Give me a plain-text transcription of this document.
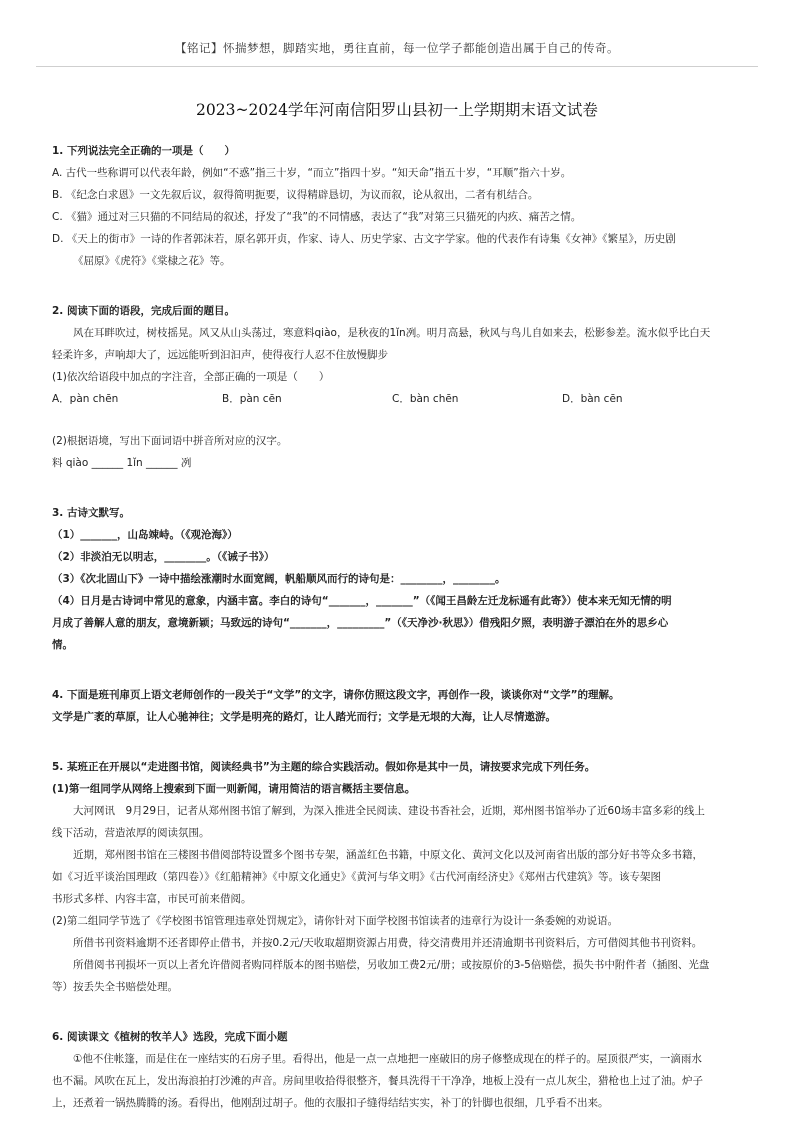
【铭记】怀揣梦想，脚踏实地，勇往直前，每一位学子都能创造出属于自己的传奇。
2023~2024学年河南信阳罗山县初一上学期期末语文试卷
1. 下列说法完全正确的一项是（　　）
A. 古代一些称谓可以代表年龄，例如“不惑”指三十岁，“而立”指四十岁。“知天命”指五十岁，“耳顺”指六十岁。
B. 《纪念白求恩》一文先叙后议，叙得简明扼要，议得精辟恳切，为议而叙，论从叙出，二者有机结合。
C. 《猫》通过对三只猫的不同结局的叙述，抒发了“我”的不同情感，表达了“我”对第三只猫死的内疚、痛苦之情。
D. 《天上的街市》一诗的作者郭沫若，原名郭开贞，作家、诗人、历史学家、古文字学家。他的代表作有诗集《女神》《繁星》，历史剧
《屈原》《虎符》《棠棣之花》等。
2. 阅读下面的语段，完成后面的题目。
风在耳畔吹过，树枝摇晃。风又从山头荡过，寒意料qiào，是秋夜的1ǐn冽。明月高悬，秋风与鸟儿自如来去，松影参差。流水似乎比白天
轻柔许多，声响却大了，远远能听到汩汩声，使得夜行人忍不住放慢脚步
(1)依次给语段中加点的字注音，全部正确的一项是（　　）
A．pàn chēn	B．pàn cēn	C．bàn chēn	D．bàn cēn
(2)根据语境，写出下面词语中拼音所对应的汉字。
料 qiào ______ 1ǐn ______ 冽
3. 古诗文默写。
（1）_______，山岛竦峙。（《观沧海》）
（2）非淡泊无以明志，________。（《诫子书》）
（3）《次北固山下》一诗中描绘涨潮时水面宽阔，帆船顺风而行的诗句是：________，________。
（4）日月是古诗词中常见的意象，内涵丰富。李白的诗句“_______，_______”（《闻王昌龄左迁龙标遥有此寄》）使本来无知无情的明
月成了善解人意的朋友，意境新颖；马致远的诗句“_______，_________”（《天净沙·秋思》）借残阳夕照，表明游子漂泊在外的思乡心
情。
4. 下面是班刊扉页上语文老师创作的一段关于“文学”的文字，请你仿照这段文字，再创作一段，谈谈你对“文学”的理解。
文学是广袤的草原，让人心驰神往；文学是明亮的路灯，让人踏光而行；文学是无垠的大海，让人尽情遨游。
5. 某班正在开展以“走进图书馆，阅读经典书”为主题的综合实践活动。假如你是其中一员，请按要求完成下列任务。
(1)第一组同学从网络上搜索到下面一则新闻，请用简洁的语言概括主要信息。
大河网讯　9月29日，记者从郑州图书馆了解到，为深入推进全民阅读、建设书香社会，近期，郑州图书馆举办了近60场丰富多彩的线上
线下活动，营造浓厚的阅读氛围。
近期，郑州图书馆在三楼图书借阅部特设置多个图书专架，涵盖红色书籍，中原文化、黄河文化以及河南省出版的部分好书等众多书籍，
如《习近平谈治国理政（第四卷）》《红船精神》《中原文化通史》《黄河与华文明》《古代河南经济史》《郑州古代建筑》等。该专架图
书形式多样、内容丰富，市民可前来借阅。
(2)第二组同学节选了《学校图书馆管理违章处罚规定》，请你针对下面学校图书馆读者的违章行为设计一条委婉的劝说语。
所借书刊资料逾期不还者即停止借书，并按0.2元/天收取超期资源占用费，待交清费用并还清逾期书刊资料后，方可借阅其他书刊资料。
所借阅书刊损坏一页以上者允许借阅者购同样版本的图书赔偿，另收加工费2元/册；或按原价的3-5倍赔偿，损失书中附件者（插图、光盘
等）按丢失全书赔偿处理。
6. 阅读课文《植树的牧羊人》选段，完成下面小题
①他不住帐篷，而是住在一座结实的石房子里。看得出，他是一点一点地把一座破旧的房子修整成现在的样子的。屋顶很严实，一滴雨水
也不漏。风吹在瓦上，发出海浪拍打沙滩的声音。房间里收拾得很整齐，餐具洗得干干净净，地板上没有一点儿灰尘，猎枪也上过了油。炉子
上，还煮着一锅热腾腾的汤。看得出，他刚刮过胡子。他的衣服扣子缝得结结实实，补丁的针脚也很细，几乎看不出来。
